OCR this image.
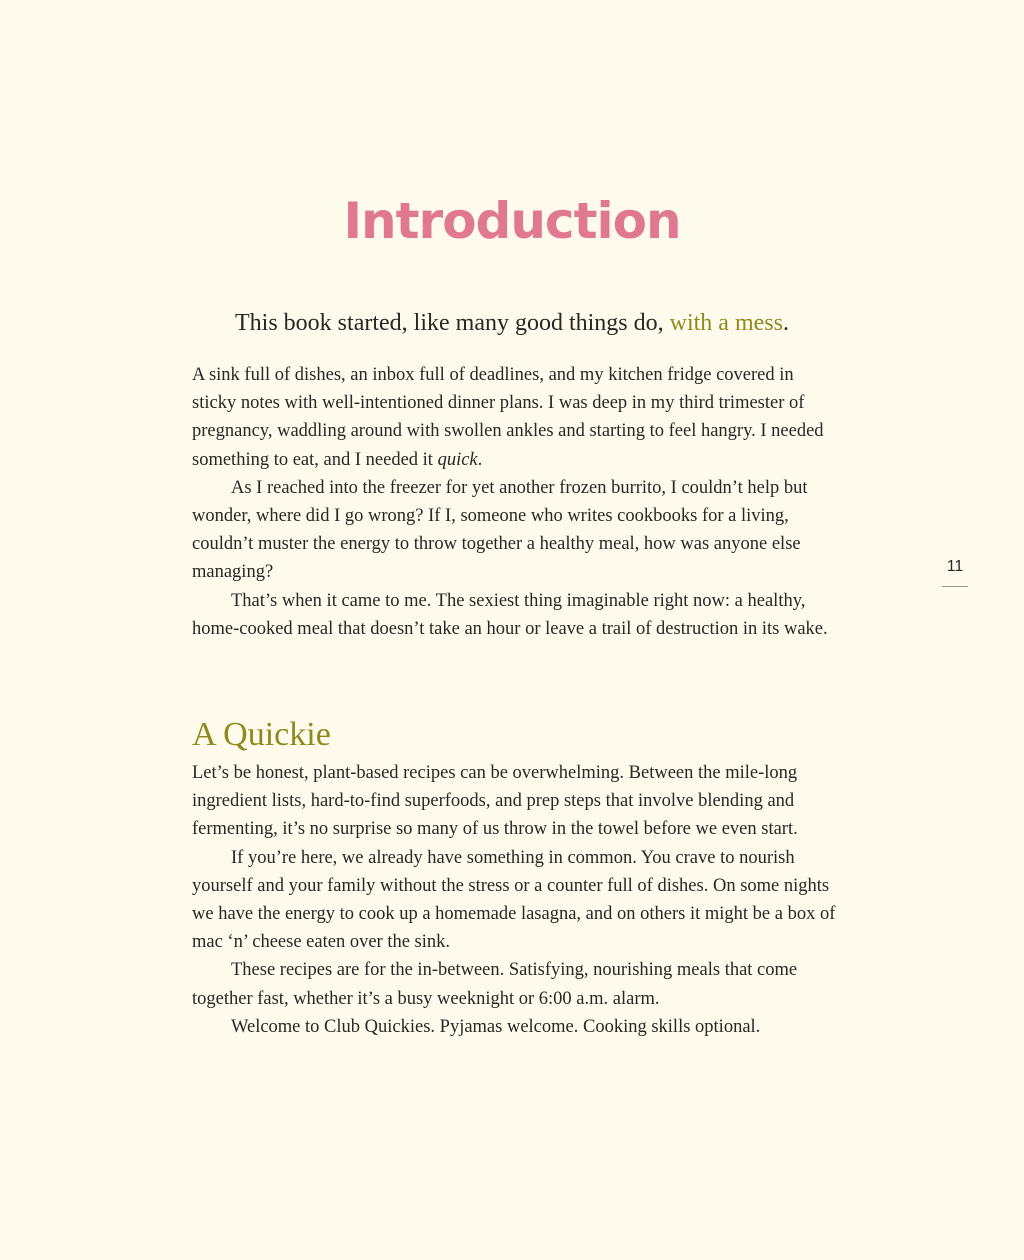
Introduction

This book started, like many good things do, with a mess.

A sink full of dishes, an inbox full of deadlines, and my kitchen fridge covered in sticky notes with well-intentioned dinner plans. I was deep in my third trimester of pregnancy, waddling around with swollen ankles and starting to feel hangry. I needed something to eat, and I needed it quick.

As I reached into the freezer for yet another frozen burrito, I couldn’t help but wonder, where did I go wrong? If I, someone who writes cookbooks for a living, couldn’t muster the energy to throw together a healthy meal, how was anyone else managing?

That’s when it came to me. The sexiest thing imaginable right now: a healthy, home-cooked meal that doesn’t take an hour or leave a trail of destruction in its wake.

A Quickie

Let’s be honest, plant-based recipes can be overwhelming. Between the mile-long ingredient lists, hard-to-find superfoods, and prep steps that involve blending and fermenting, it’s no surprise so many of us throw in the towel before we even start.

If you’re here, we already have something in common. You crave to nourish yourself and your family without the stress or a counter full of dishes. On some nights we have the energy to cook up a homemade lasagna, and on others it might be a box of mac ‘n’ cheese eaten over the sink.

These recipes are for the in-between. Satisfying, nourishing meals that come together fast, whether it’s a busy weeknight or 6:00 a.m. alarm.

Welcome to Club Quickies. Pyjamas welcome. Cooking skills optional.

11
